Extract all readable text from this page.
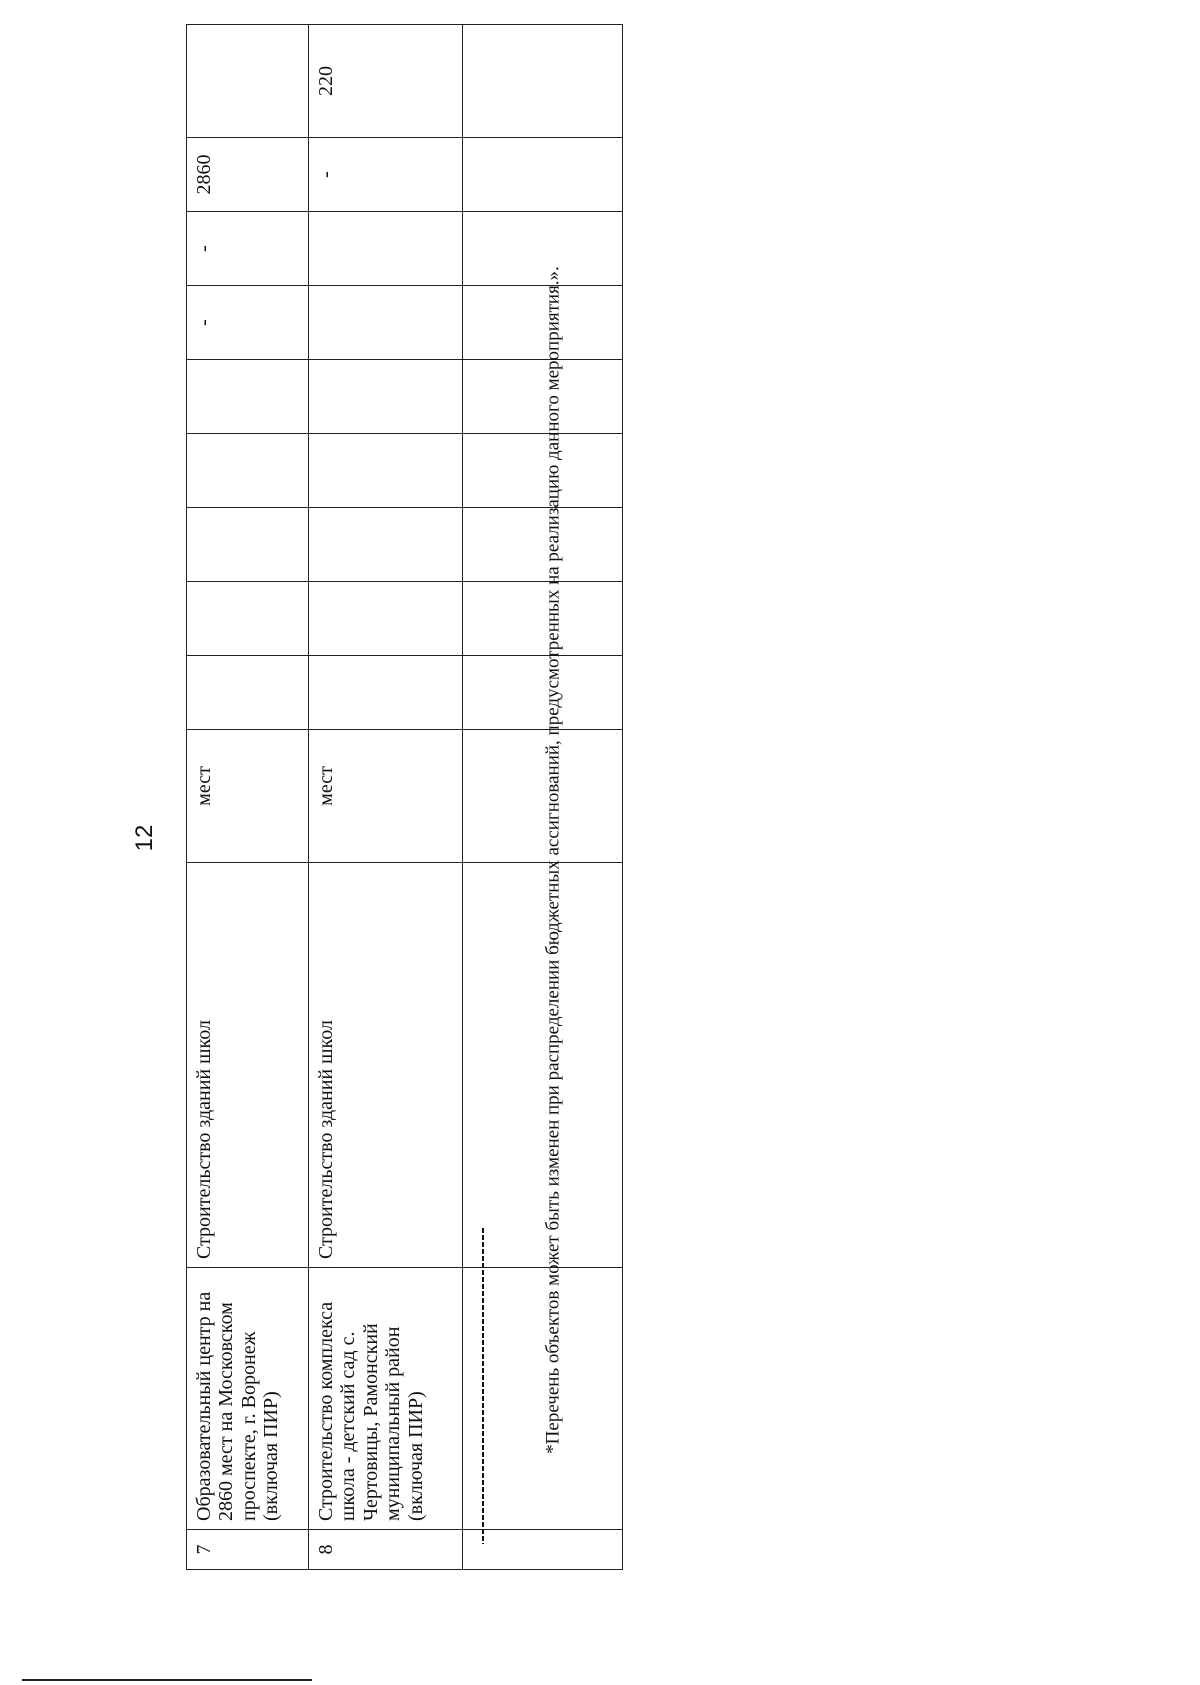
12
7	Образовательный центр на 2860 мест на Московском проспекте, г. Воронеж (включая ПИР)	Строительство зданий школ	мест						-	-	2860	
8	Строительство комплекса школа - детский сад с. Чертовицы, Рамонский муниципальный район (включая ПИР)	Строительство зданий школ	мест								-	220

*Перечень объектов может быть изменен при распределении бюджетных ассигнований, предусмотренных на реализацию данного мероприятия.».
